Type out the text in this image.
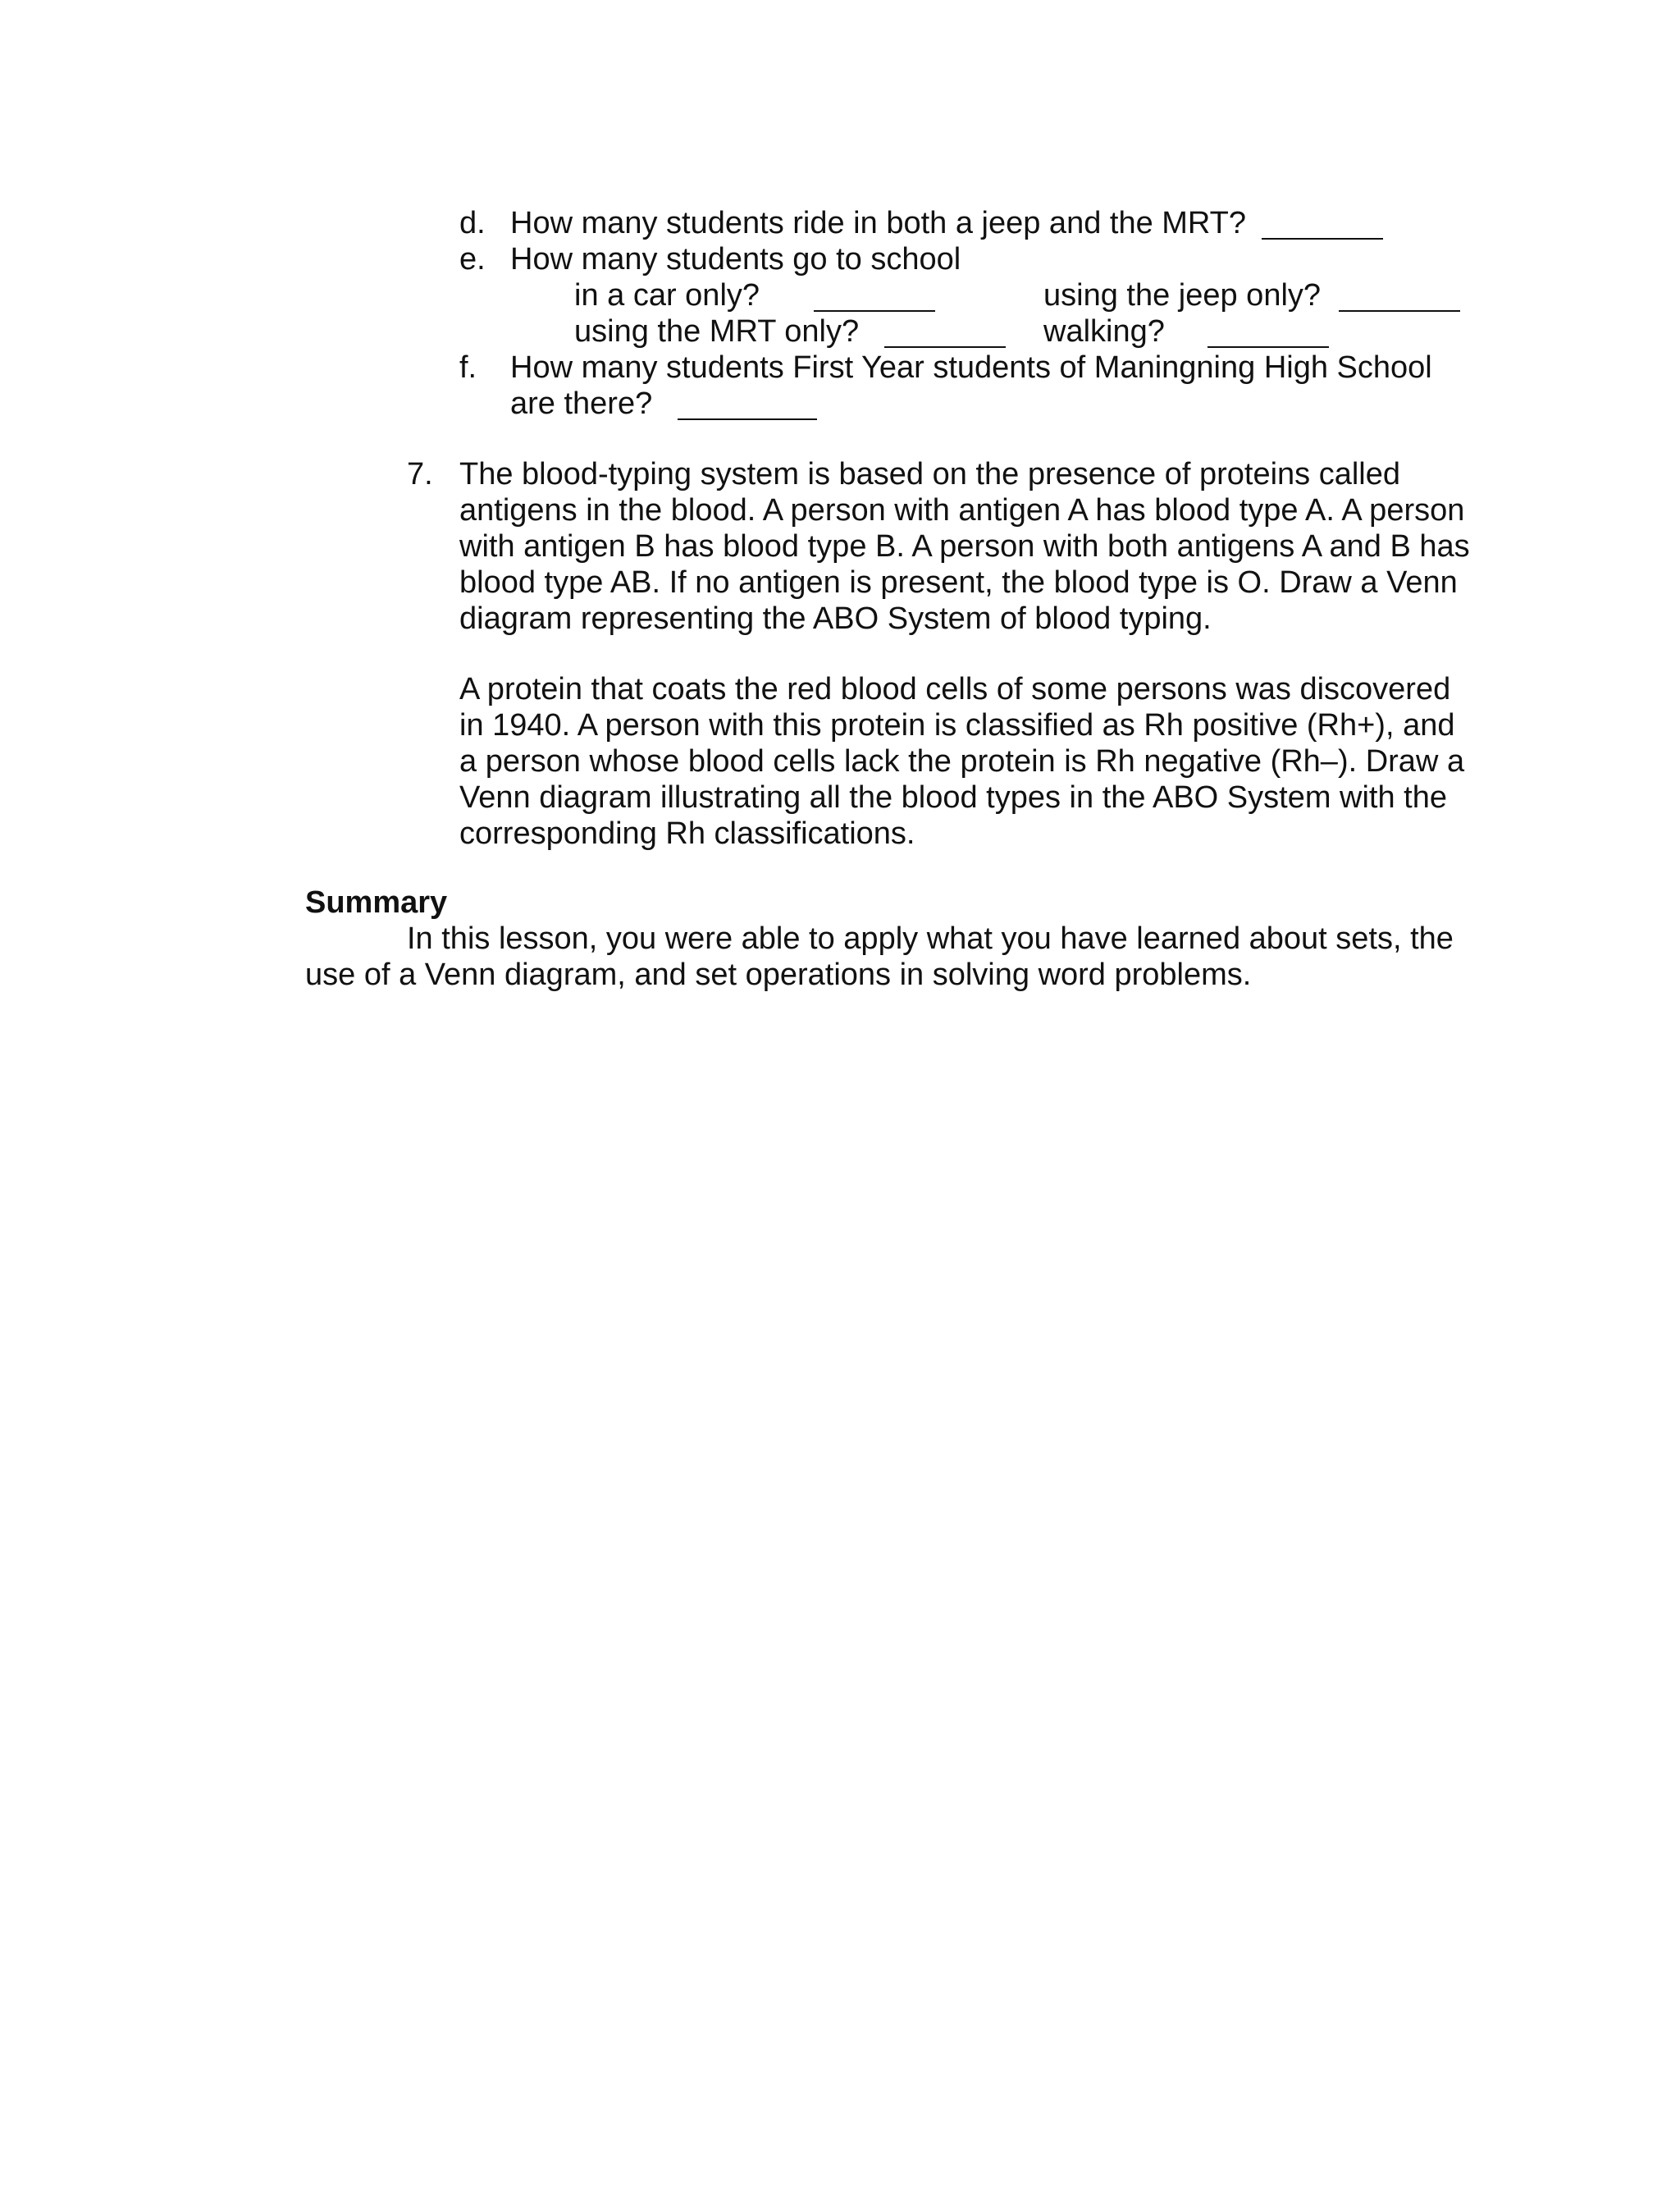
d. How many students ride in both a jeep and the MRT?
e. How many students go to school
in a car only?	using the jeep only?
using the MRT only?	walking?
f. How many students First Year students of Maningning High School
are there?
7. The blood-typing system is based on the presence of proteins called
antigens in the blood. A person with antigen A has blood type A. A person
with antigen B has blood type B. A person with both antigens A and B has
blood type AB. If no antigen is present, the blood type is O. Draw a Venn
diagram representing the ABO System of blood typing.
A protein that coats the red blood cells of some persons was discovered
in 1940. A person with this protein is classified as Rh positive (Rh+), and
a person whose blood cells lack the protein is Rh negative (Rh–). Draw a
Venn diagram illustrating all the blood types in the ABO System with the
corresponding Rh classifications.
Summary
In this lesson, you were able to apply what you have learned about sets, the
use of a Venn diagram, and set operations in solving word problems.
